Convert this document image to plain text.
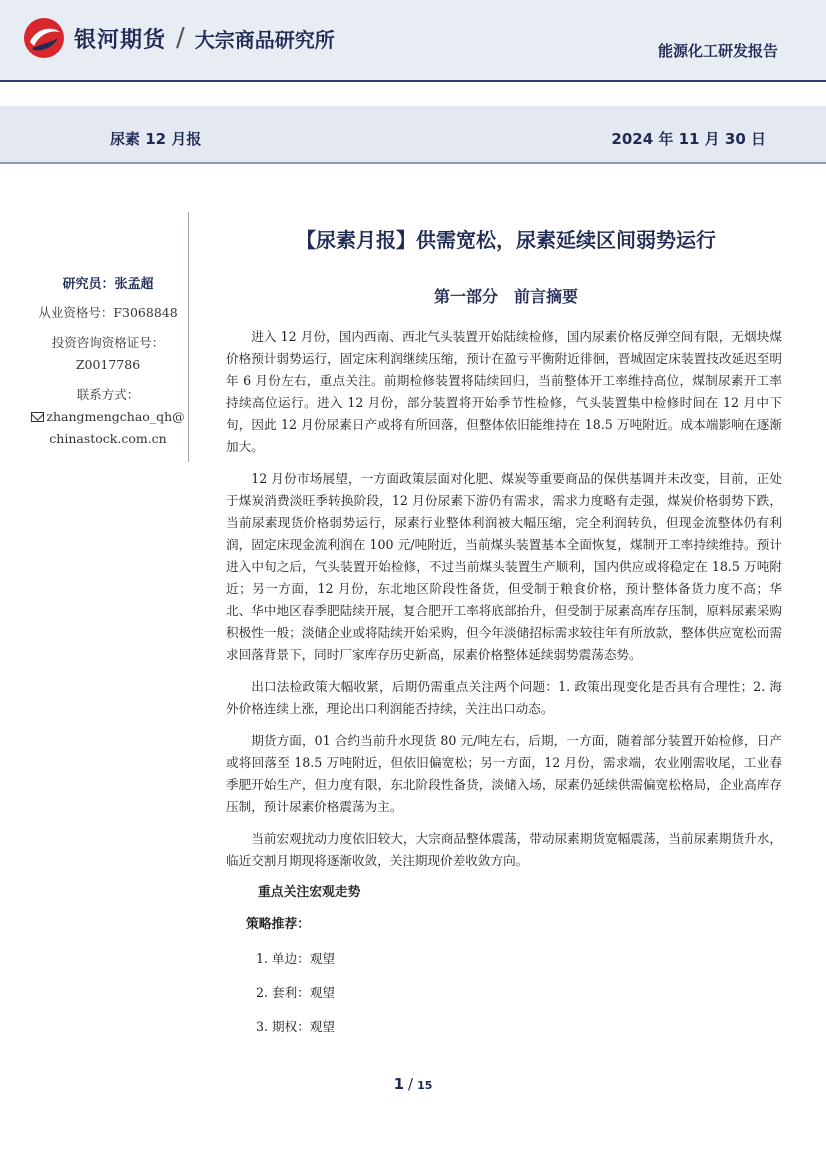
银河期货 / 大宗商品研究所	能源化工研发报告
尿素 12 月报	2024 年 11 月 30 日
研究员：张孟超
从业资格号：F3068848
投资咨询资格证号：
Z0017786
联系方式：
zhangmengchao_qh@
chinastock.com.cn
【尿素月报】供需宽松，尿素延续区间弱势运行
第一部分　前言摘要

进入 12 月份，国内西南、西北气头装置开始陆续检修，国内尿素价格反弹空间有限，无烟块煤价格预计弱势运行，固定床利润继续压缩，预计在盈亏平衡附近徘徊，晋城固定床装置技改延迟至明年 6 月份左右，重点关注。前期检修装置将陆续回归，当前整体开工率维持高位，煤制尿素开工率持续高位运行。进入 12 月份，部分装置将开始季节性检修，气头装置集中检修时间在 12 月中下旬，因此 12 月份尿素日产或将有所回落，但整体依旧能维持在 18.5 万吨附近。成本端影响在逐渐加大。

12 月份市场展望，一方面政策层面对化肥、煤炭等重要商品的保供基调并未改变，目前，正处于煤炭消费淡旺季转换阶段，12 月份尿素下游仍有需求，需求力度略有走强，煤炭价格弱势下跌，当前尿素现货价格弱势运行，尿素行业整体利润被大幅压缩，完全利润转负，但现金流整体仍有利润，固定床现金流利润在 100 元/吨附近，当前煤头装置基本全面恢复，煤制开工率持续维持。预计进入中旬之后，气头装置开始检修，不过当前煤头装置生产顺利，国内供应或将稳定在 18.5 万吨附近；另一方面，12 月份，东北地区阶段性备货，但受制于粮食价格，预计整体备货力度不高；华北、华中地区春季肥陆续开展，复合肥开工率将底部抬升，但受制于尿素高库存压制，原料尿素采购积极性一般；淡储企业或将陆续开始采购，但今年淡储招标需求较往年有所放款，整体供应宽松而需求回落背景下，同时厂家库存历史新高，尿素价格整体延续弱势震荡态势。

出口法检政策大幅收紧，后期仍需重点关注两个问题：1. 政策出现变化是否具有合理性；2. 海外价格连续上涨，理论出口利润能否持续，关注出口动态。

期货方面，01 合约当前升水现货 80 元/吨左右，后期，一方面，随着部分装置开始检修，日产或将回落至 18.5 万吨附近，但依旧偏宽松；另一方面，12 月份，需求端，农业刚需收尾，工业春季肥开始生产，但力度有限，东北阶段性备货，淡储入场，尿素仍延续供需偏宽松格局，企业高库存压制，预计尿素价格震荡为主。

当前宏观扰动力度依旧较大，大宗商品整体震荡，带动尿素期货宽幅震荡，当前尿素期货升水，临近交割月期现将逐渐收敛，关注期现价差收敛方向。

重点关注宏观走势
策略推荐：
1. 单边：观望
2. 套利：观望
3. 期权：观望
1 / 15
